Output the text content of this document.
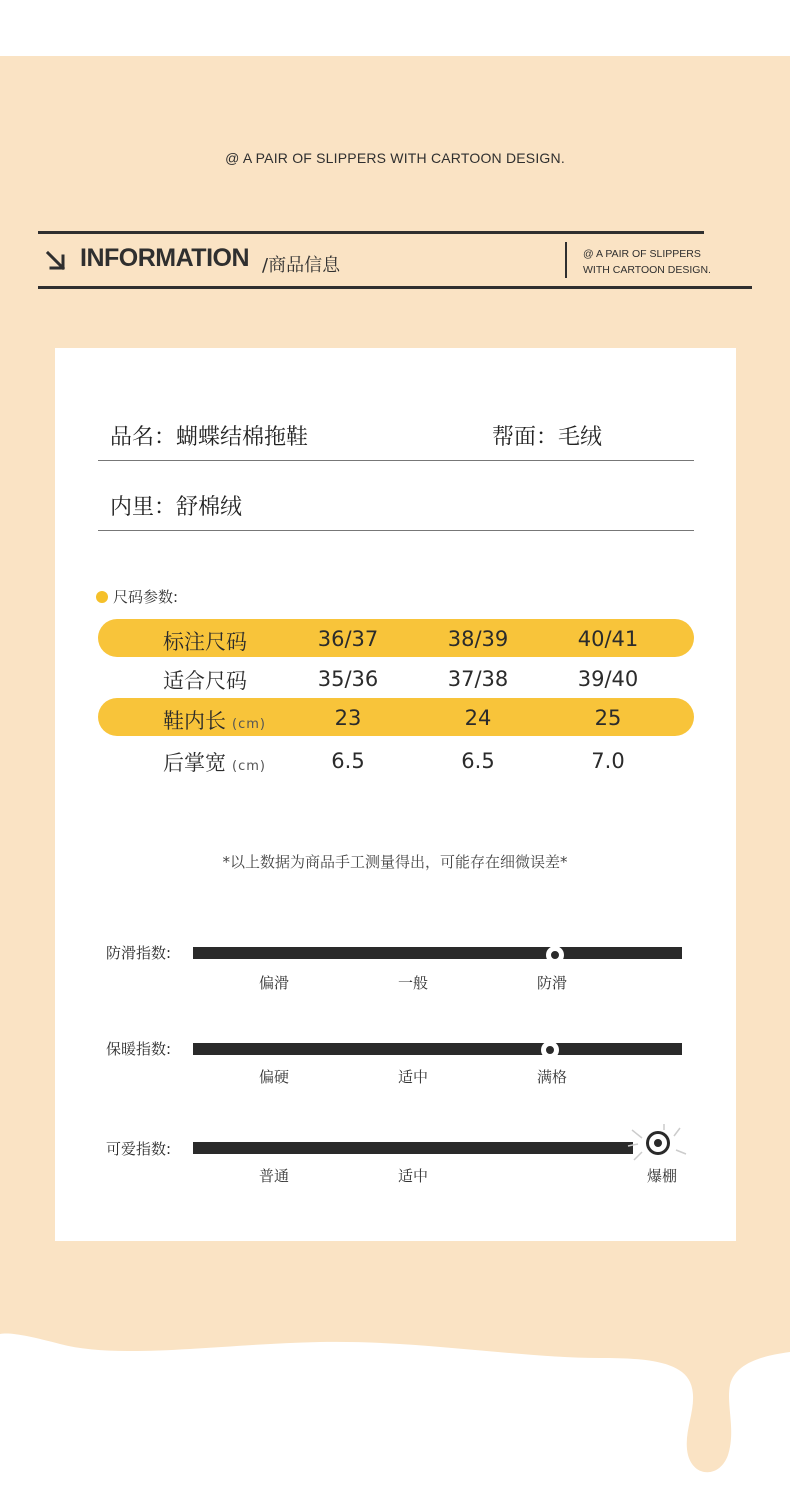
@ A PAIR OF SLIPPERS WITH CARTOON DESIGN.
INFORMATION /商品信息
@ A PAIR OF SLIPPERS
WITH CARTOON DESIGN.
品名：蝴蝶结棉拖鞋	帮面：毛绒
内里：舒棉绒
尺码参数:
标注尺码	36/37	38/39	40/41
适合尺码	35/36	37/38	39/40
鞋内长 (cm)	23	24	25
后掌宽 (cm)	6.5	6.5	7.0
*以上数据为商品手工测量得出，可能存在细微误差*
防滑指数:
偏滑	一般	防滑
保暖指数:
偏硬	适中	满格
可爱指数:
普通	适中	爆棚
